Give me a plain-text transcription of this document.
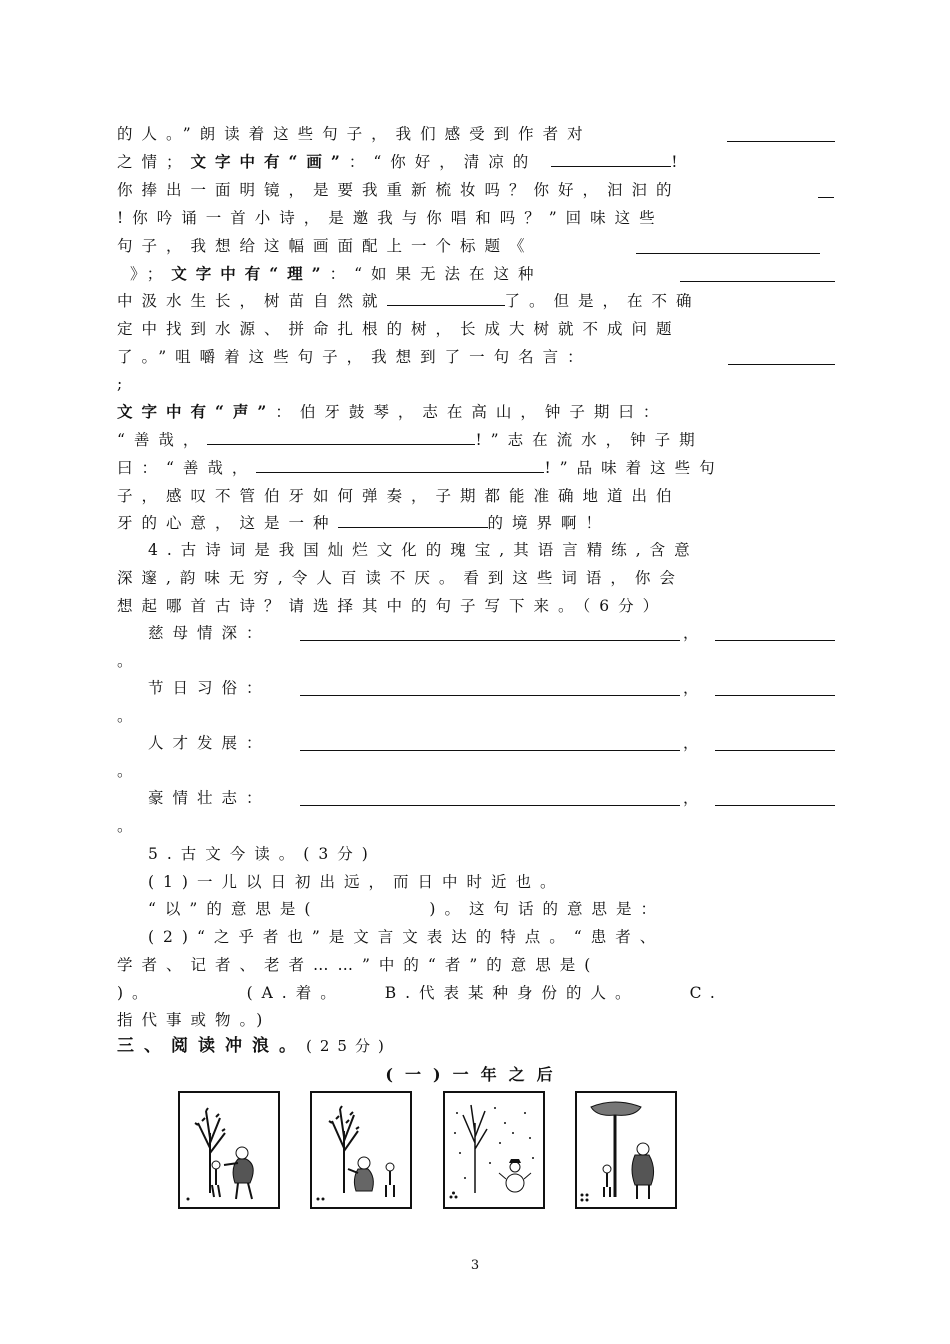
的人。”朗读着这些句子，我们感受到作者对
之情；文字中有“画”：“你好，清凉的	!
你捧出一面明镜，是要我重新梳妆吗？你好，汩汩的
!你吟诵一首小诗，是邀我与你唱和吗？”回味这些
句子，我想给这幅画面配上一个标题《
》；文字中有“理”：“如果无法在这种
中汲水生长，树苗自然就	了。但是，在不确
定中找到水源、拼命扎根的树，长成大树就不成问题
了。”咀嚼着这些句子，我想到了一句名言：
;
文字中有“声”：伯牙鼓琴，志在高山，钟子期曰：
“善哉，	!”志在流水，钟子期
曰：“善哉，	!”品味着这些句
子，感叹不管伯牙如何弹奏，子期都能准确地道出伯
牙的心意，这是一种	的境界啊！
4.古诗词是我国灿烂文化的瑰宝,其语言精练,含意
深邃,韵味无穷,令人百读不厌。看到这些词语，你会
想起哪首古诗？请选择其中的句子写下来。（6分）
慈母情深：	，
。
节日习俗：	，
。
人才发展：	，
。
豪情壮志：	，
。
5.古文今读。(3分)
(1)一儿以日初出远，而日中时近也。
“以”的意思是(	)。这句话的意思是：
(2)“之乎者也”是文言文表达的特点。“患者、
学者、记者、老者……”中的“者”的意思是(
)。	(A.着。	B.代表某种身份的人。	C.
指代事或物。)
三、阅读冲浪。(25分)
(一)一年之后
3
